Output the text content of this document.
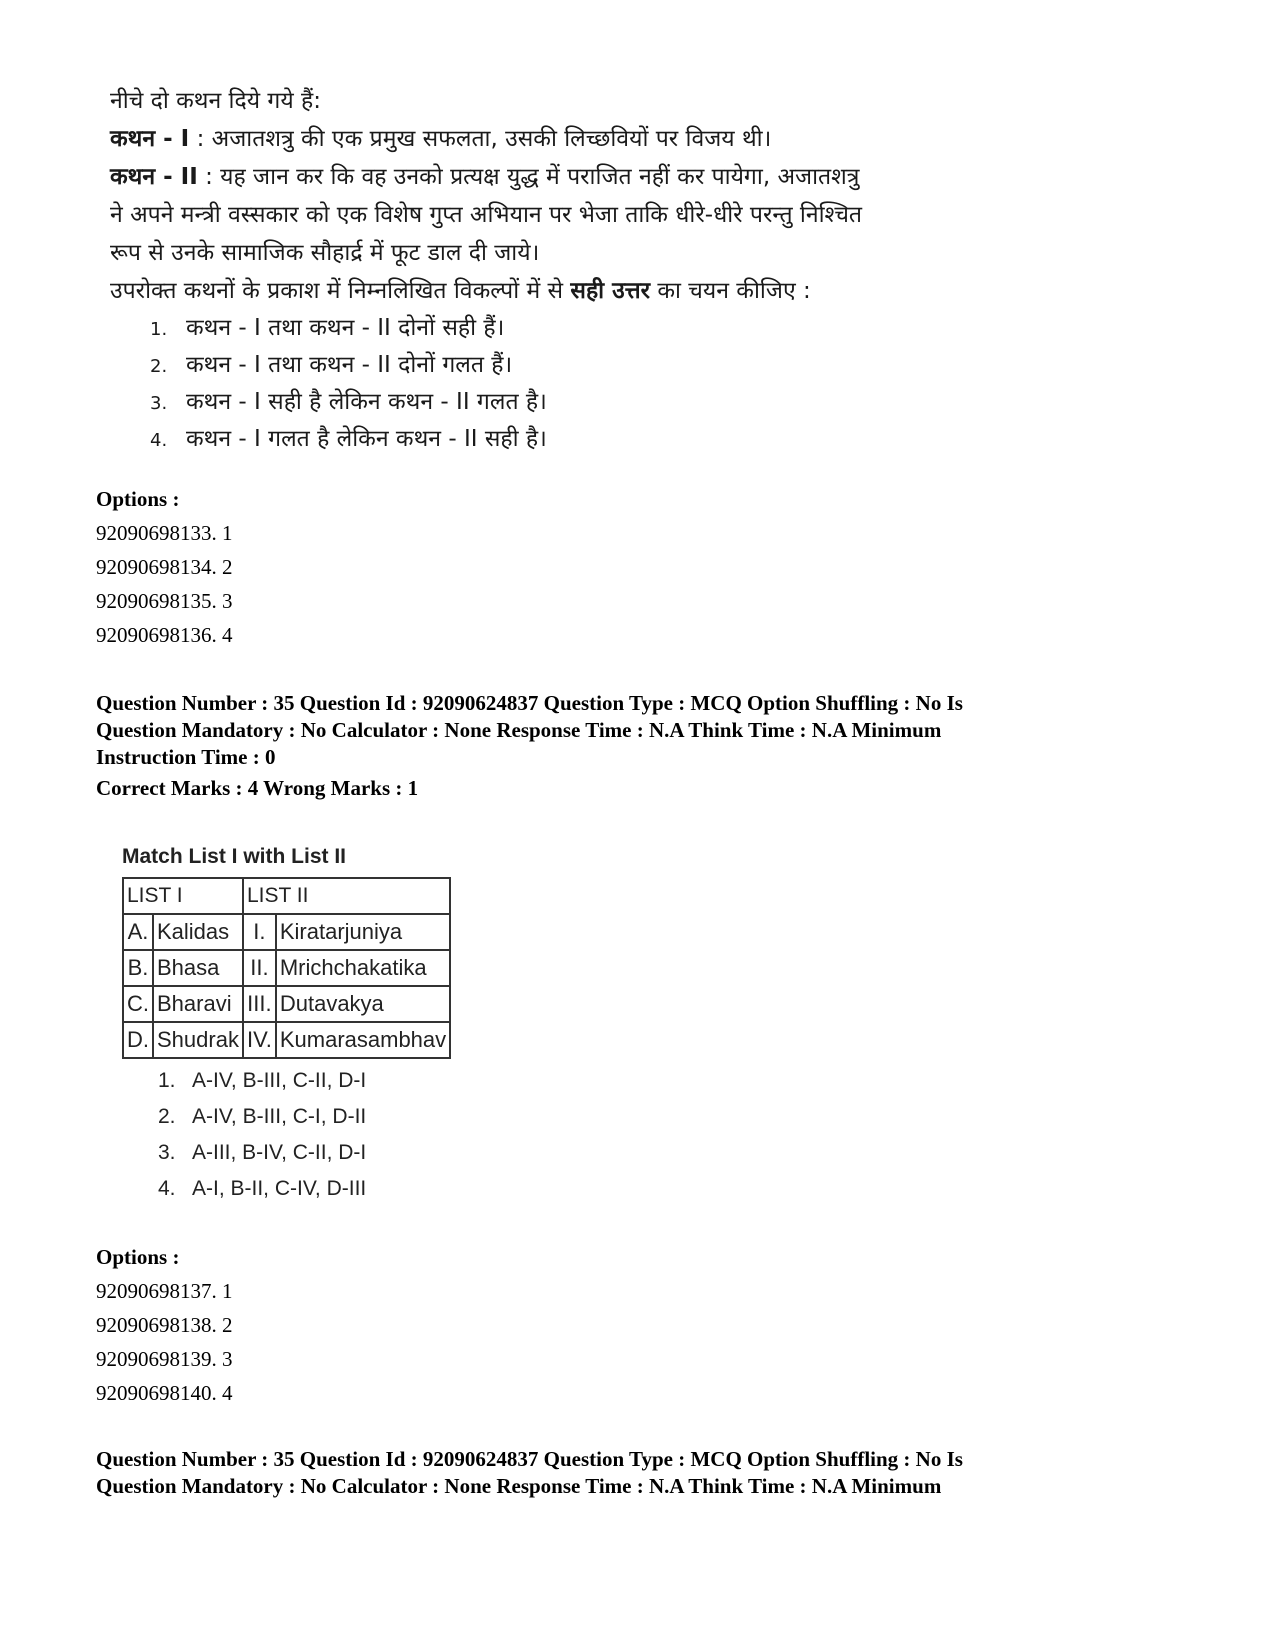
नीचे दो कथन दिये गये हैं:
कथन - I : अजातशत्रु की एक प्रमुख सफलता, उसकी लिच्छवियों पर विजय थी।
कथन - II : यह जान कर कि वह उनको प्रत्यक्ष युद्ध में पराजित नहीं कर पायेगा, अजातशत्रु
ने अपने मन्त्री वस्सकार को एक विशेष गुप्त अभियान पर भेजा ताकि धीरे-धीरे परन्तु निश्चित
रूप से उनके सामाजिक सौहार्द्र में फूट डाल दी जाये।
उपरोक्त कथनों के प्रकाश में निम्नलिखित विकल्पों में से सही उत्तर का चयन कीजिए :
1. कथन - I तथा कथन - II दोनों सही हैं।
2. कथन - I तथा कथन - II दोनों गलत हैं।
3. कथन - I सही है लेकिन कथन - II गलत है।
4. कथन - I गलत है लेकिन कथन - II सही है।
Options :
92090698133. 1
92090698134. 2
92090698135. 3
92090698136. 4
Question Number : 35 Question Id : 92090624837 Question Type : MCQ Option Shuffling : No Is
Question Mandatory : No Calculator : None Response Time : N.A Think Time : N.A Minimum
Instruction Time : 0
Correct Marks : 4 Wrong Marks : 1
Match List I with List II
LIST I		LIST II	
A.	Kalidas	I.	Kiratarjuniya
B.	Bhasa	II.	Mrichchakatika
C.	Bharavi	III.	Dutavakya
D.	Shudrak	IV.	Kumarasambhav
1. A-IV, B-III, C-II, D-I
2. A-IV, B-III, C-I, D-II
3. A-III, B-IV, C-II, D-I
4. A-I, B-II, C-IV, D-III
Options :
92090698137. 1
92090698138. 2
92090698139. 3
92090698140. 4
Question Number : 35 Question Id : 92090624837 Question Type : MCQ Option Shuffling : No Is
Question Mandatory : No Calculator : None Response Time : N.A Think Time : N.A Minimum
